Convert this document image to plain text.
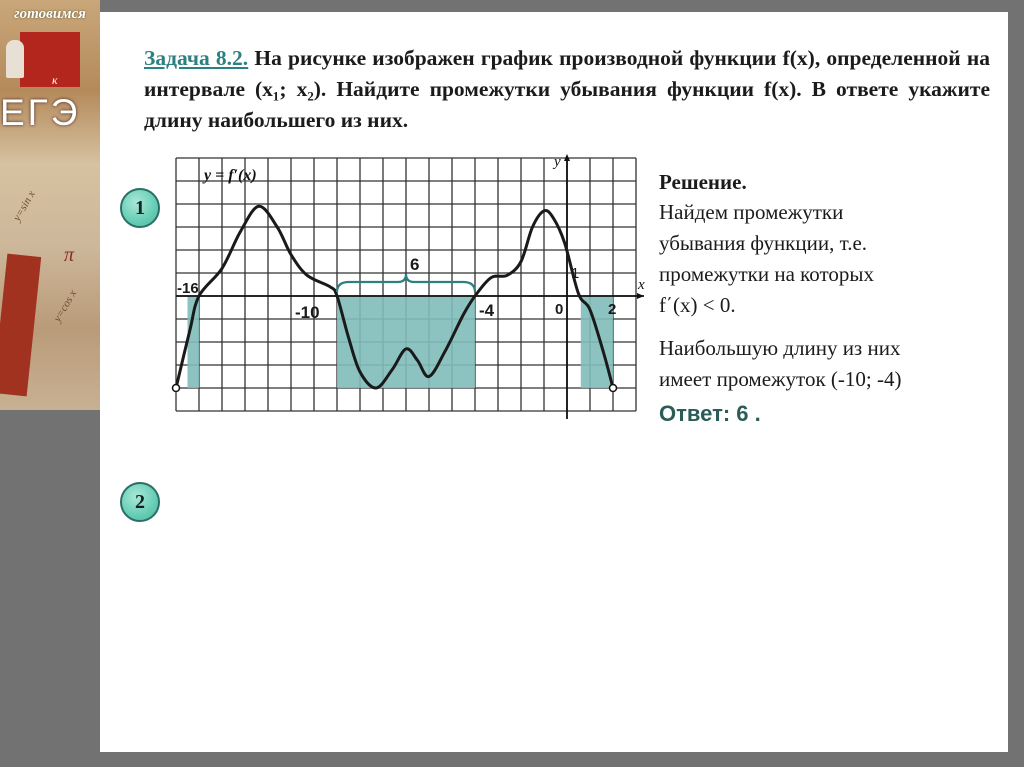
готовимся
к
ЕГЭ
y=sin x
y=cos x
π
Задача 8.2. На рисунке изображен график производной функции f(x), определенной на интервале (x₁; x₂). Найдите промежутки убывания функции f(x). В ответе укажите длину наибольшего из них.
1
2
y = f′(x)
y
x
-16
-10	-4	0	2
1
6
Решение.
Найдем промежутки
убывания функции, т.е.
промежутки на которых
f΄(x) < 0.
Наибольшую длину из них
имеет промежуток (-10; -4)
Ответ: 6 .
